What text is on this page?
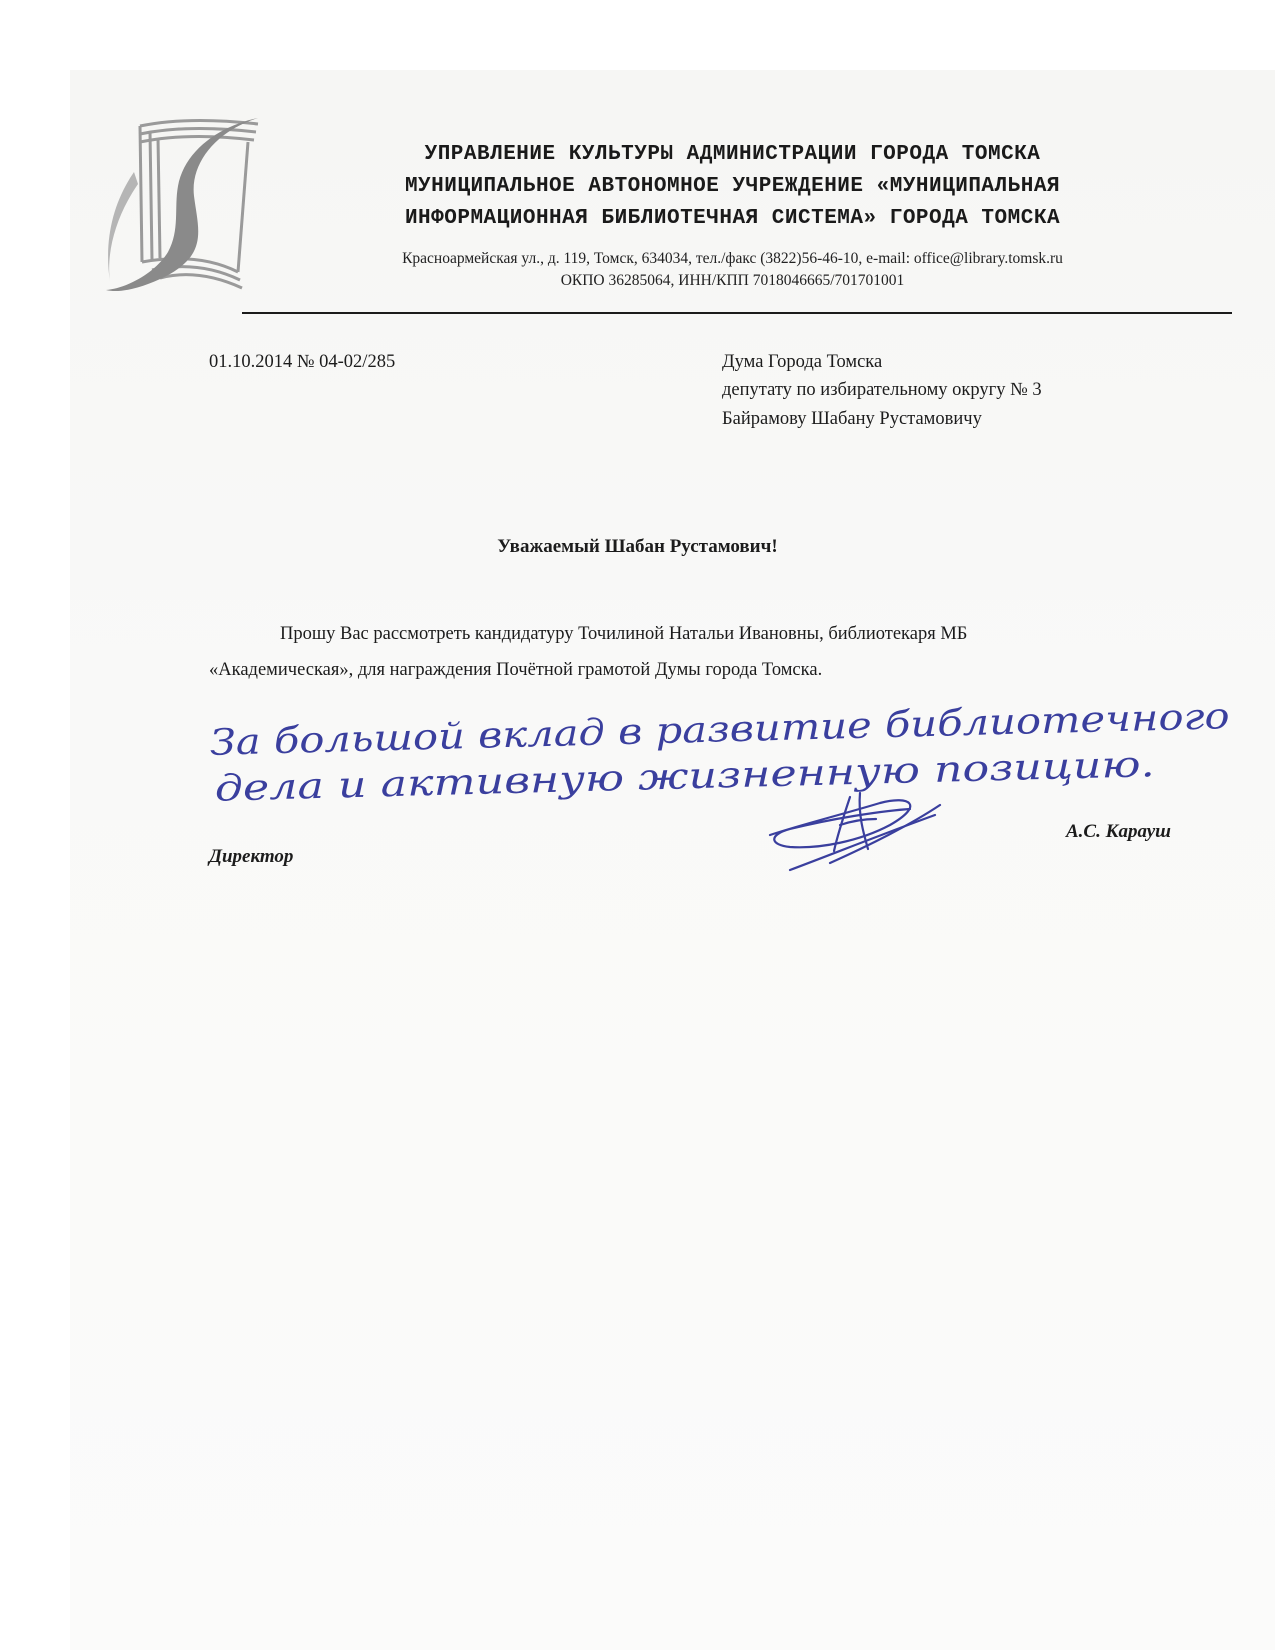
УПРАВЛЕНИЕ КУЛЬТУРЫ АДМИНИСТРАЦИИ ГОРОДА ТОМСКА
МУНИЦИПАЛЬНОЕ АВТОНОМНОЕ УЧРЕЖДЕНИЕ «МУНИЦИПАЛЬНАЯ
ИНФОРМАЦИОННАЯ БИБЛИОТЕЧНАЯ СИСТЕМА» ГОРОДА ТОМСКА
Красноармейская ул., д. 119, Томск, 634034, тел./факс (3822)56-46-10, e-mail: office@library.tomsk.ru
ОКПО 36285064, ИНН/КПП 7018046665/701701001
01.10.2014 № 04-02/285	Дума Города Томска
депутату по избирательному округу № 3
Байрамову Шабану Рустамовичу
Уважаемый Шабан Рустамович!
Прошу Вас рассмотреть кандидатуру Точилиной Натальи Ивановны, библиотекаря МБ
«Академическая», для награждения Почётной грамотой Думы города Томска.
За большой вклад в развитие библиотечного
дела и активную жизненную позицию.
Директор
А.С. Карауш
